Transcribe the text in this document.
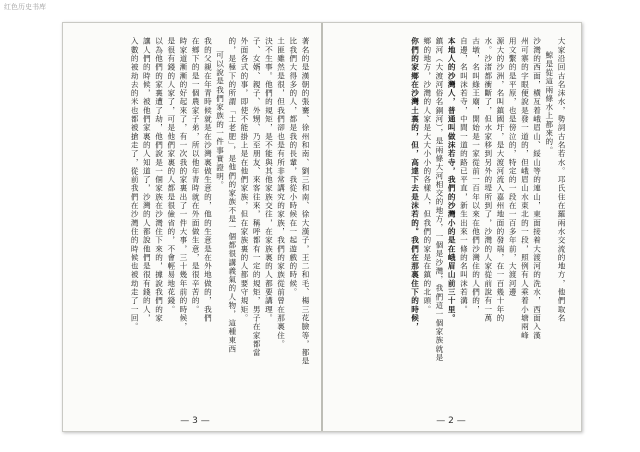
红色历史书库
著名的是漢朝的張騫、徐州和南、劉三和南、徐大漢子，王二和毛、楊三花臉等，都是
比我們大得多的人，都是我的長輩，我從小時候在一起遊戲的時候。
土匪雖然是很，但我們卻也是有所非常講究的家族，我們的家族從前曾在那裏住。
決不生事。他們的規矩，是不能與其他家族交往，在家族裏的人都要講理。
子、女婿、親子、外甥、乃至朋友、來客往來，稱呼都有一定的規矩，男子在家都當
外面各式的事，即使不能掛上是在他們家族，但在家族裏的人都要守規矩。
的，是極下的所謂「土老肥」，是他們的家族不是一個都很講義氣的人物，這種東西
可以說是我們家族的一件事實證明。
我的父親在年青時候就是在沙灣裏做生意的，他的生意是在外地做的，我們
在鄉下的是一個農家子弟，所以他年青時就在外面做生意，是很辛苦的。
時家道漸漸的好起來了，有一次我的家裏出了一件大事，三十幾年前的時候，
是很有錢的人家了，可是他們家裏的人都是很儉省的，不會輕易地花錢。
以為他們的家裏遭了劫，他們說是一個家族在沙灣住下來的，據說我們的家
讓人們的時候，被他們家裏的人知道了，沙灣的人都說他們是很有錢的人，
入數的被劫去的米也都被搶走了，從前我們在沙灣住的時候也被劫走了一回。
— 3 —
大家沿回古名沫水，勢詞古名若水。邛氏住在羅兩水交流的地方，他們取名
鯨是從這兩條水上都來的。
沙灣的西面，橫亙着峨眉山、綏山等的連山，東面接着大渡河的洗水，西面入漢
州可寨的字眼便說是發一道的，但峨眉山水東北的一段，照例有人乘着小塘兩峰
用文繫的是平原，也是傍泣的，特定的一段在一百多年前，大渡河邊
源大的沙洲，名叫鎮國圩，是大渡河流入嘉州地面的發端，在一百幾十年的
水。沙渚都衝斷了，但水家移到另外的堤所到了，沙灣的人家從前說有一萬
古墩，名叫綠王廟，開始是一家從前一百年以來在他們沙灣住的人們的，
自邊，名叫沫若寺，中間一道的路已平直，新生出來一條的名叫沫若溝。
本地人的沙灣人，普通叫做沫若寺，我們的沙灣小的是在峨眉山前三十里。
鎮河（大渡河俗名銅河），是兩條大河相交的地方，一個是沙灣，我們這一個家族就是
鄉的地方，沙灣的人家是大大小小的各樣人，但我們的家是在鎮的北頭。
你們的家鄉在沙灣土裏的，但，高達下去是沫若的。我們在那裏住下的時候，
— 2 —
